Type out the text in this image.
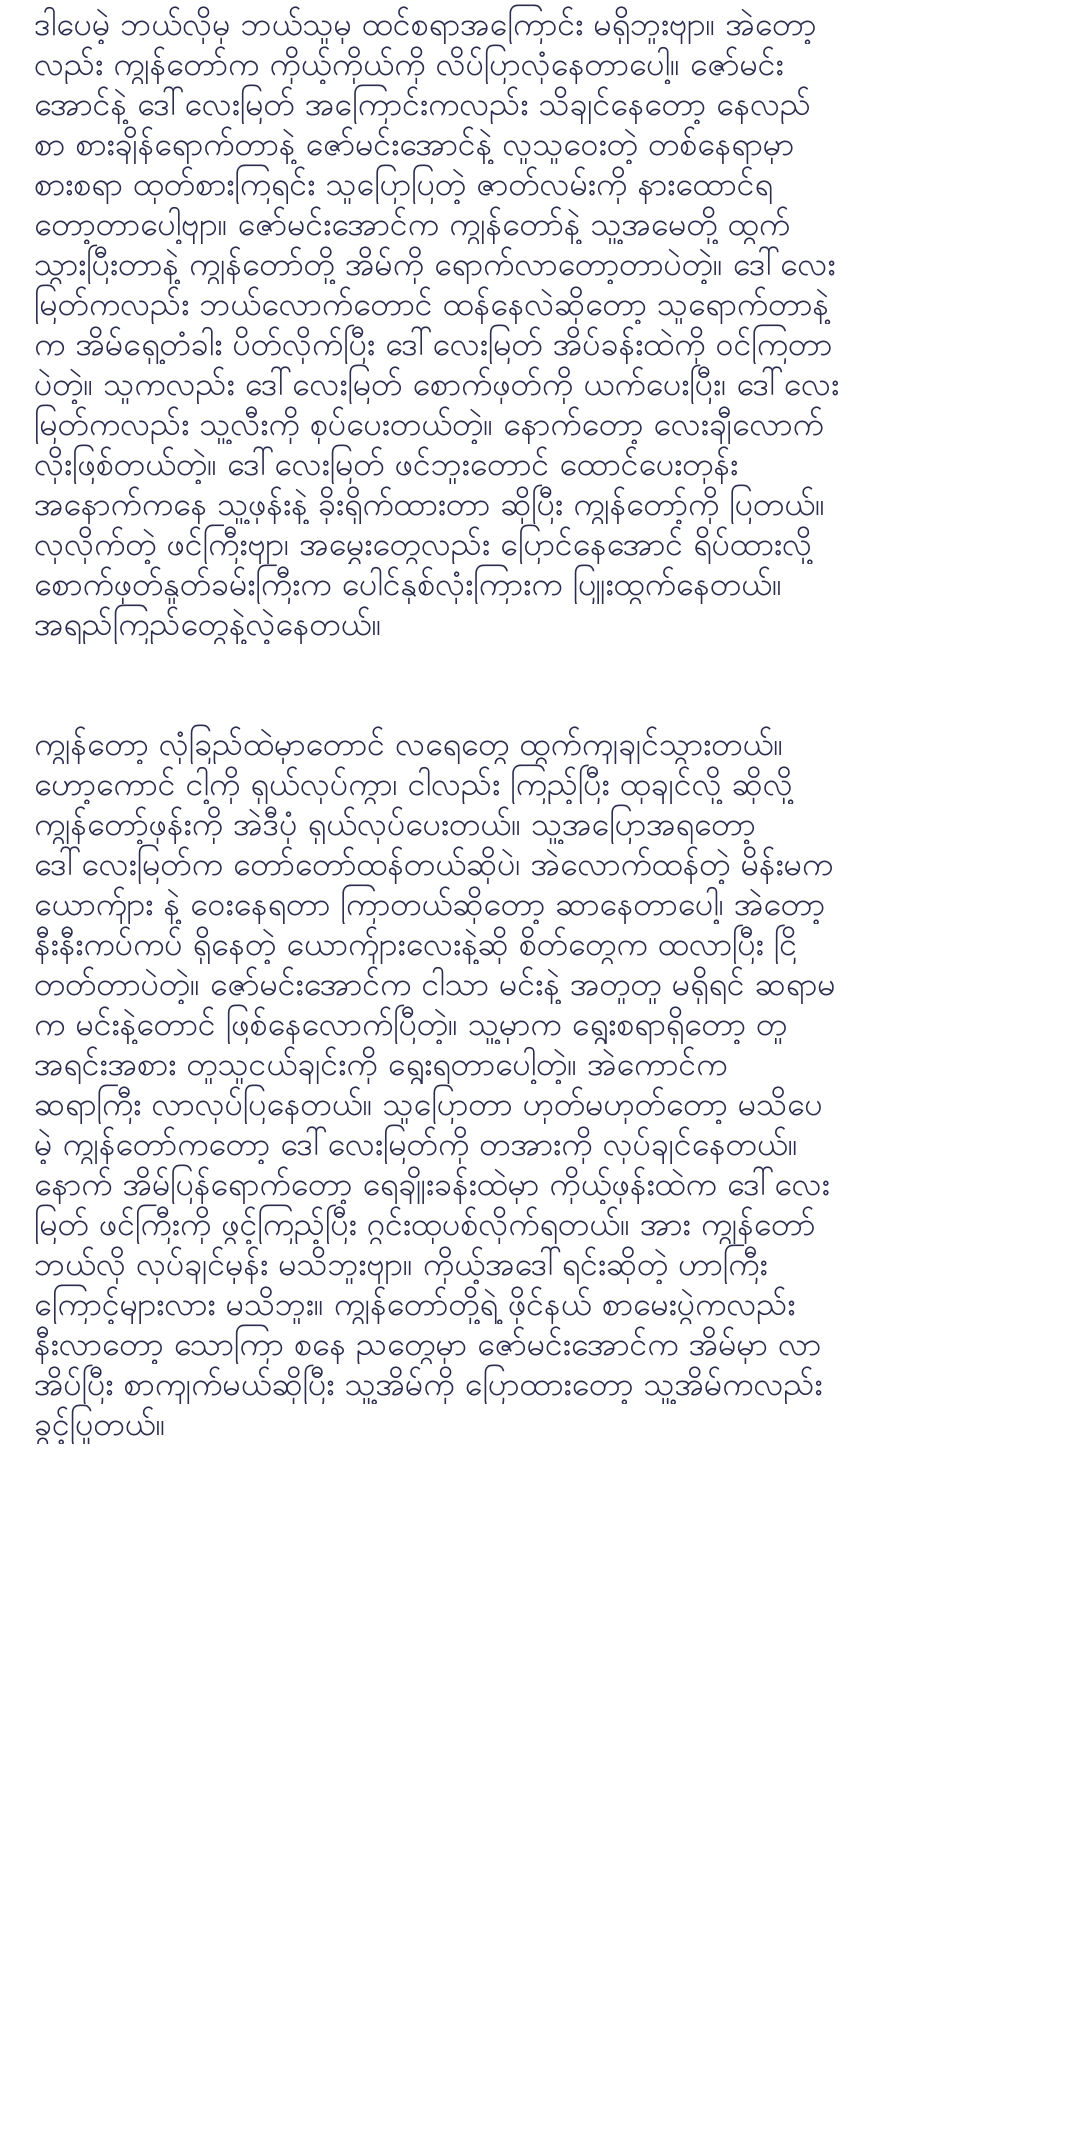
ဒါပေမဲ့ ဘယ်လိုမှ ဘယ်သူမှ ထင်စရာအကြောင်း မရှိဘူးဗျာ။ အဲတော့
လည်း ကျွန်တော်က ကိုယ့်ကိုယ်ကို လိပ်ပြာလုံနေတာပေါ့။ ဇော်မင်း
အောင်နဲ့ ဒေါ်လေးမြတ် အကြောင်းကလည်း သိချင်နေတော့ နေလည်
စာ စားချိန်ရောက်တာနဲ့ ဇော်မင်းအောင်နဲ့ လူသူဝေးတဲ့ တစ်နေရာမှာ
စားစရာ ထုတ်စားကြရင်း သူပြောပြတဲ့ ဇာတ်လမ်းကို နားထောင်ရ
တော့တာပေါ့ဗျာ။ ဇော်မင်းအောင်က ကျွန်တော်နဲ့ သူ့အမေတို့ ထွက်
သွားပြီးတာနဲ့ ကျွန်တော်တို့ အိမ်ကို ရောက်လာတော့တာပဲတဲ့။ ဒေါ်လေး
မြတ်ကလည်း ဘယ်လောက်တောင် ထန်နေလဲဆိုတော့ သူရောက်တာနဲ့
က အိမ်ရှေ့တံခါး ပိတ်လိုက်ပြီး ဒေါ်လေးမြတ် အိပ်ခန်းထဲကို ဝင်ကြတာ
ပဲတဲ့။ သူကလည်း ဒေါ်လေးမြတ် စောက်ဖုတ်ကို ယက်ပေးပြီး၊ ဒေါ်လေး
မြတ်ကလည်း သူ့လီးကို စုပ်ပေးတယ်တဲ့။ နောက်တော့ လေးချီလောက်
လိုးဖြစ်တယ်တဲ့။ ဒေါ်လေးမြတ် ဖင်ဘူးတောင် ထောင်ပေးတုန်း
အနောက်ကနေ သူ့ဖုန်းနဲ့ ခိုးရိုက်ထားတာ ဆိုပြီး ကျွန်တော့်ကို ပြတယ်။
လှလိုက်တဲ့ ဖင်ကြီးဗျာ၊ အမွှေးတွေလည်း ပြောင်နေအောင် ရိပ်ထားလို့
စောက်ဖုတ်နှုတ်ခမ်းကြီးက ပေါင်နှစ်လုံးကြားက ပြူးထွက်နေတယ်။
အရည်ကြည်တွေနဲ့လဲ့နေတယ်။
ကျွန်တော့ လုံခြည်ထဲမှာတောင် လရေတွေ ထွက်ကျချင်သွားတယ်။
ဟော့ကောင် ငါ့ကို ရှယ်လုပ်ကွာ၊ ငါလည်း ကြည့်ပြီး ထုချင်လို့ ဆိုလို့
ကျွန်တော့်ဖုန်းကို အဲဒီပုံ ရှယ်လုပ်ပေးတယ်။ သူ့အပြောအရတော့
ဒေါ်လေးမြတ်က တော်တော်ထန်တယ်ဆိုပဲ၊ အဲလောက်ထန်တဲ့ မိန်းမက
ယောက်ျား နဲ့ ဝေးနေရတာ ကြာတယ်ဆိုတော့ ဆာနေတာပေါ့၊ အဲတော့
နီးနီးကပ်ကပ် ရှိနေတဲ့ ယောက်ျားလေးနဲ့ဆို စိတ်တွေက ထလာပြီး ငြိ
တတ်တာပဲတဲ့။ ဇော်မင်းအောင်က ငါသာ မင်းနဲ့ အတူတူ မရှိရင် ဆရာမ
က မင်းနဲ့တောင် ဖြစ်နေလောက်ပြီတဲ့။ သူ့မှာက ရွေးစရာရှိတော့ တူ
အရင်းအစား တူသူငယ်ချင်းကို ရွေးရတာပေါ့တဲ့။ အဲကောင်က
ဆရာကြီး လာလုပ်ပြနေတယ်။ သူပြောတာ ဟုတ်မဟုတ်တော့ မသိပေ
မဲ့ ကျွန်တော်ကတော့ ဒေါ်လေးမြတ်ကို တအားကို လုပ်ချင်နေတယ်။
နောက် အိမ်ပြန်ရောက်တော့ ရေချိုးခန်းထဲမှာ ကိုယ့်ဖုန်းထဲက ဒေါ်လေး
မြတ် ဖင်ကြီးကို ဖွင့်ကြည့်ပြီး ဂွင်းထုပစ်လိုက်ရတယ်။ အား ကျွန်တော်
ဘယ်လို လုပ်ချင်မှန်း မသိဘူးဗျာ။ ကိုယ့်အဒေါ်ရင်းဆိုတဲ့ ဟာကြီး
ကြောင့်များလား မသိဘူး။ ကျွန်တော်တို့ရဲ့ ဖိုင်နယ် စာမေးပွဲကလည်း
နီးလာတော့ သောကြာ စနေ ညတွေမှာ ဇော်မင်းအောင်က အိမ်မှာ လာ
အိပ်ပြီး စာကျက်မယ်ဆိုပြီး သူ့အိမ်ကို ပြောထားတော့ သူ့အိမ်ကလည်း
ခွင့်ပြုတယ်။
